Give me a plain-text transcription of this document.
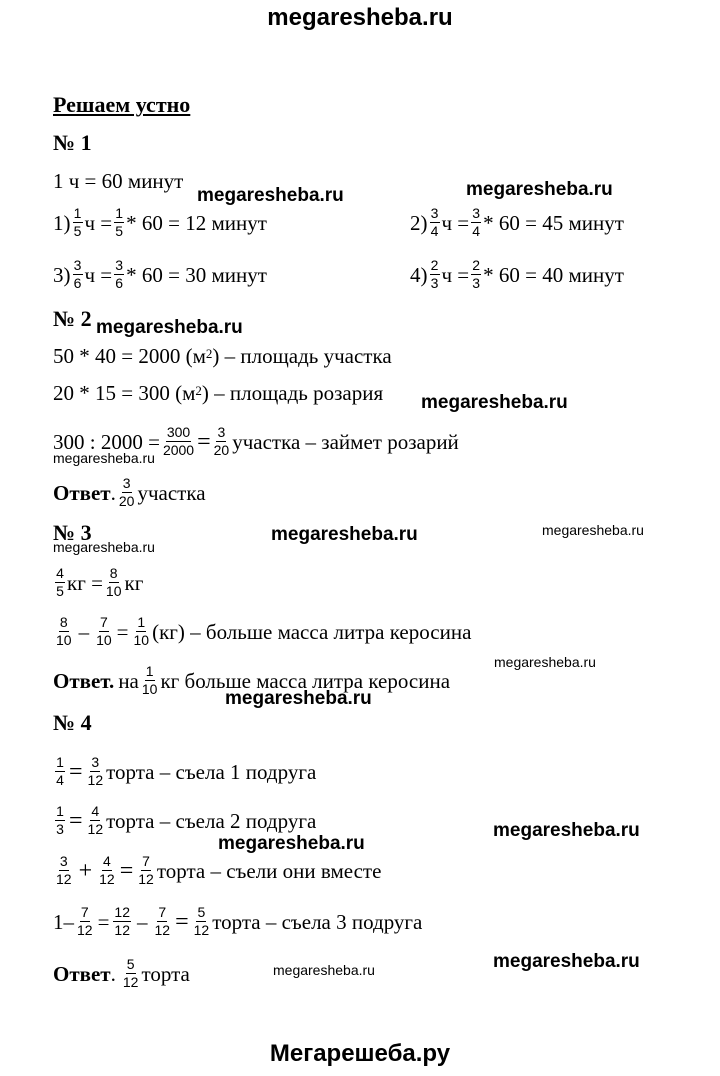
megaresheba.ru
Мегарешеба.ру
Решаем устно
№ 1
1 ч = 60 минут
$1) \frac{1}{5}$ $ч = \frac{1}{5} * 60 = 12$ минут	$2) \frac{3}{4}$ $ч = \frac{3}{4} * 60 = 45$ минут
$3) \frac{3}{6}$ $ч = \frac{3}{6} * 60 = 30$ минут	$4) \frac{2}{3}$ $ч = \frac{2}{3} * 60 = 40$ минут
№ 2
50 * 40 = 2000 ($м^2$ ) – площадь участка
20 * 15 = 300 ($м^2$ ) – площадь розария
300 : $2000 = \frac{300}{2000} = \frac{3}{20}$ участка – займет розарий
Ответ . $\frac{3}{20}$ участка
№ 3
$\frac{4}{5}$ кг = $\frac{8}{10}$ кг
$\frac{8}{10} - \frac{7}{10} = \frac{1}{10} (кг)$ – больше масса литра керосина
Ответ. на $\frac{1}{10}$ кг больше масса литра керосина
№ 4
$\frac{1}{4} = \frac{3}{12}$ торта – съела 1 подруга
$\frac{1}{3} = \frac{4}{12}$ торта – съела 2 подруга
$\frac{3}{12} + \frac{4}{12} = \frac{7}{12}$ торта – съели они вместе
$1- \frac{7}{12} = \frac{12}{12} - \frac{7}{12} = \frac{5}{12}$ торта – съела 3 подруга
Ответ . $\frac{5}{12}$ торта
megaresheba.ru	megaresheba.ru
megaresheba.ru
megaresheba.ru
megaresheba.ru
megaresheba.ru	megaresheba.ru
megaresheba.ru
megaresheba.ru
megaresheba.ru
megaresheba.ru
megaresheba.ru
megaresheba.ru	megaresheba.ru
